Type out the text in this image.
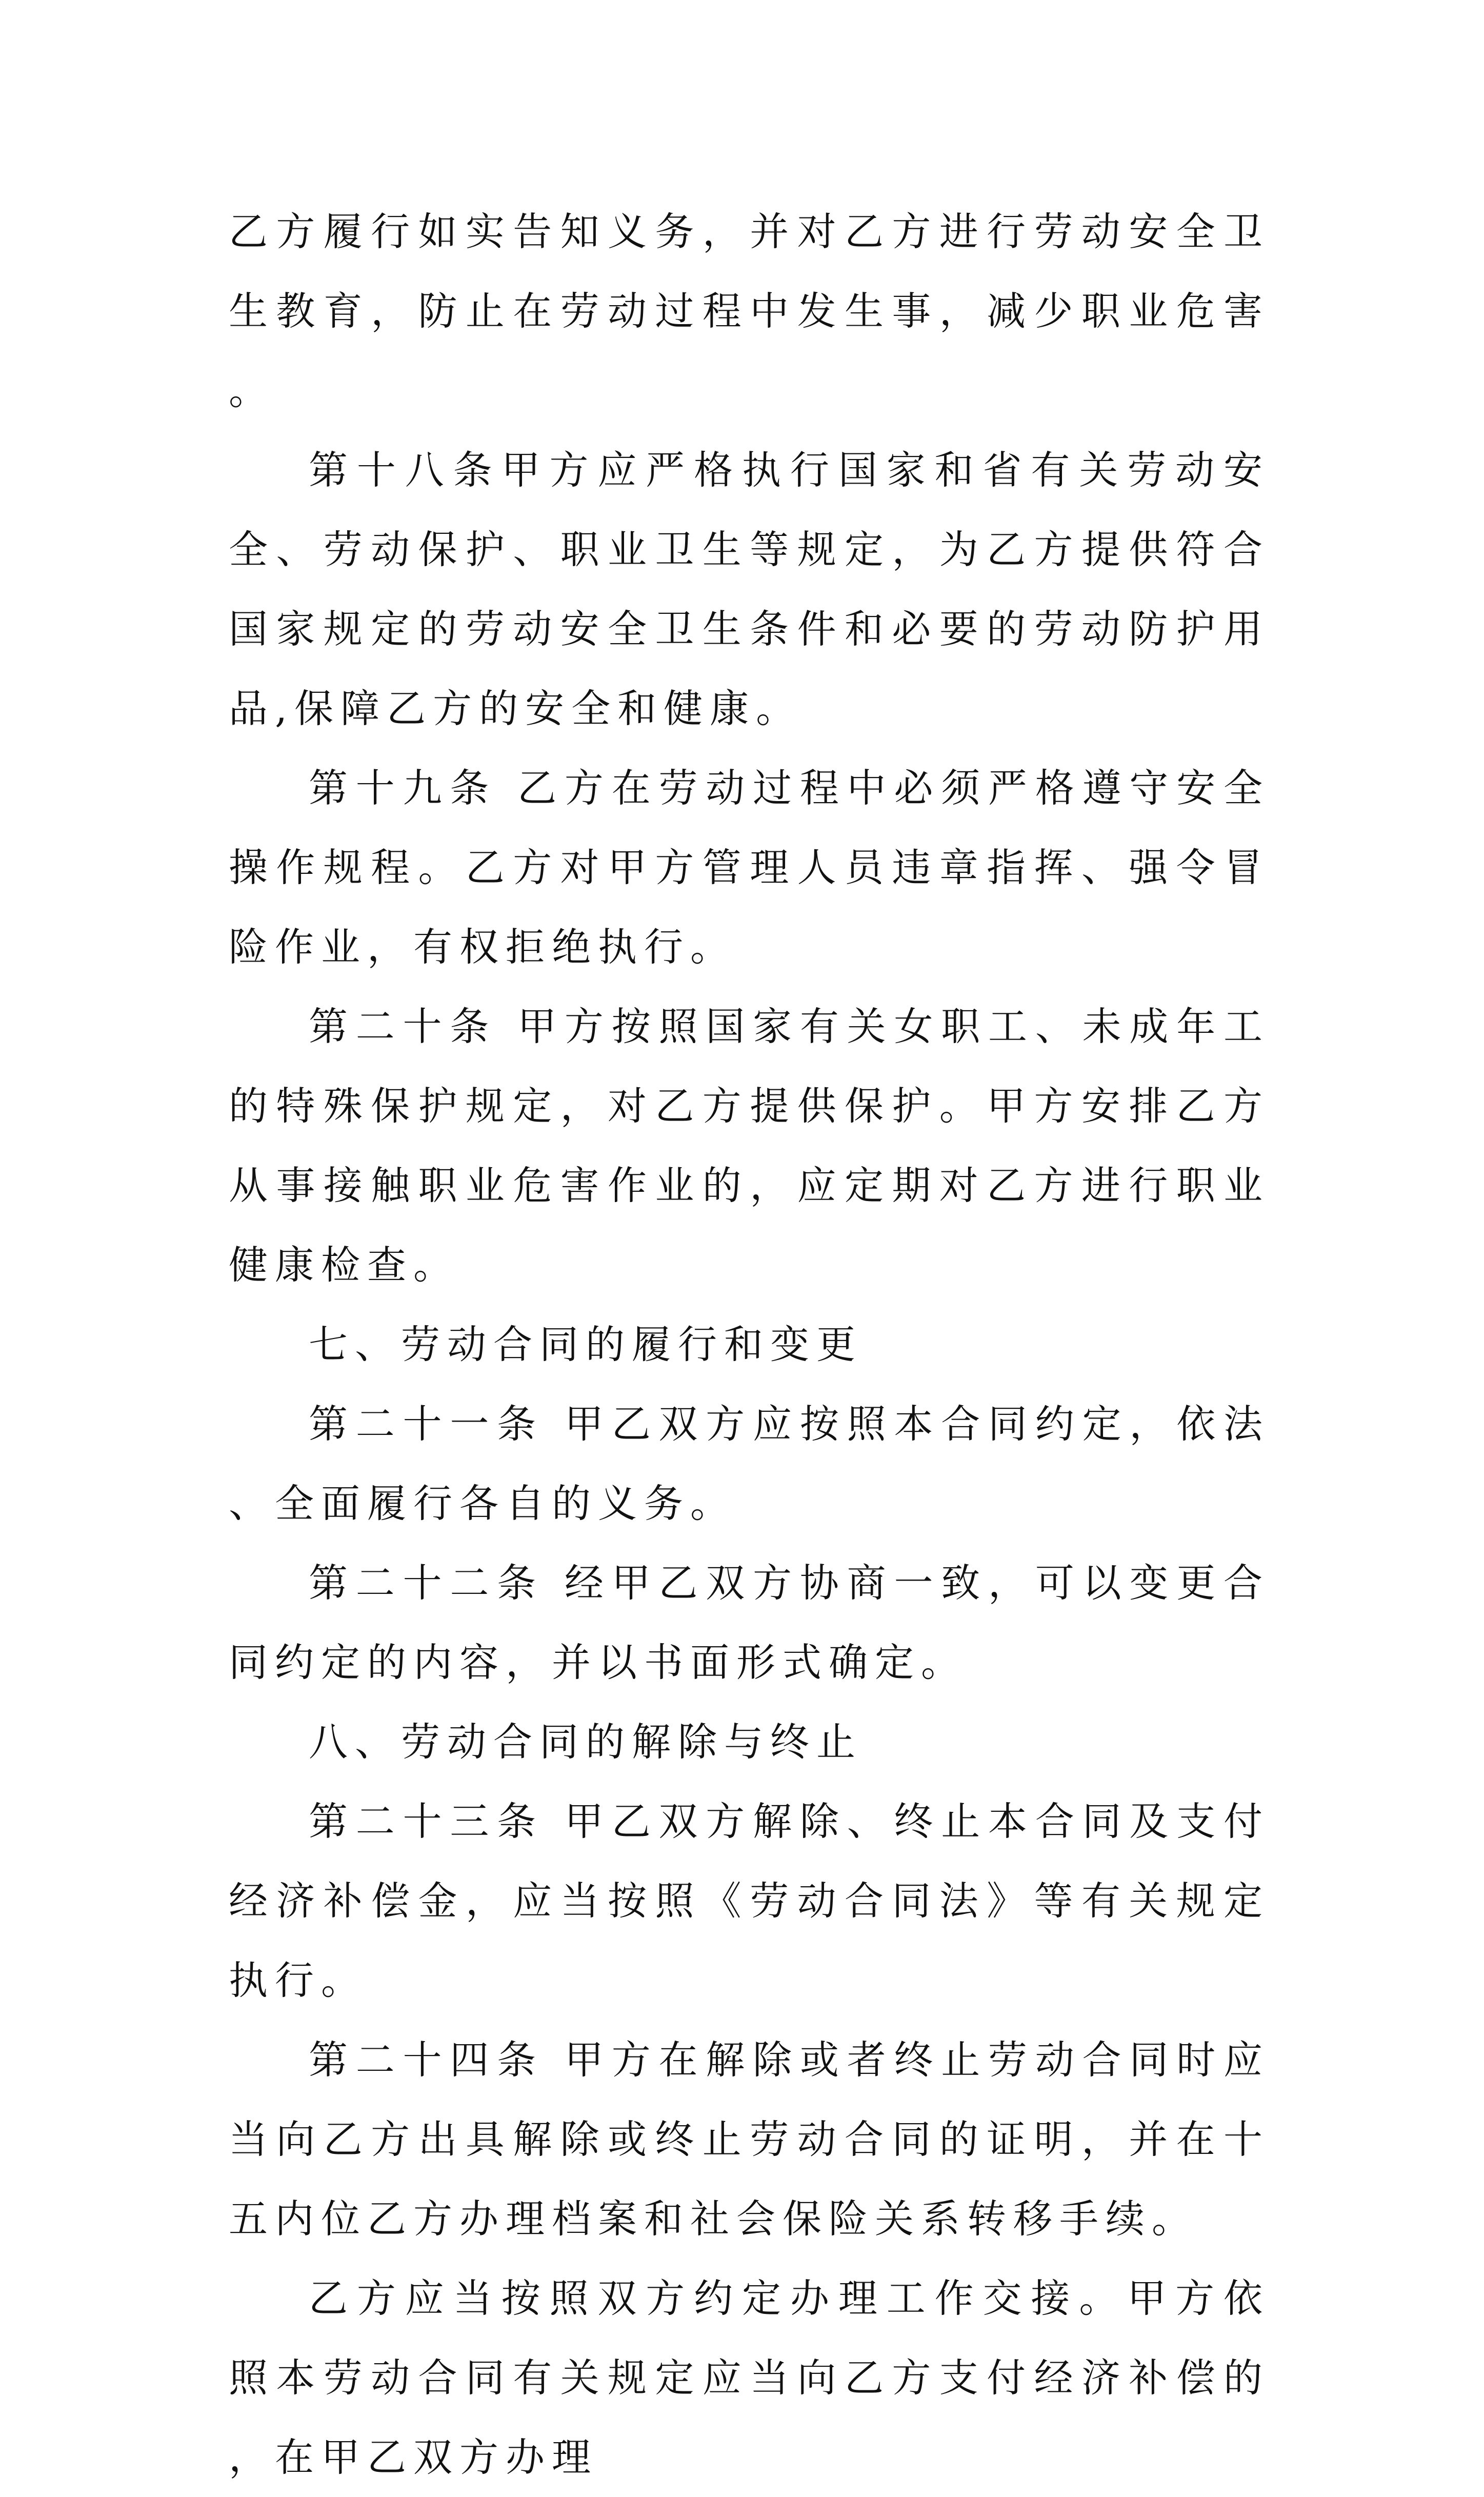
乙方履行如实告知义务，并对乙方进行劳动安全卫生教育，防止在劳动过程中发生事，减少职业危害。

第十八条甲方应严格执行国家和省有关劳动安全、劳动保护、职业卫生等规定，为乙方提供符合国家规定的劳动安全卫生条件和必要的劳动防护用品,保障乙方的安全和健康。

第十九条 乙方在劳动过程中必须严格遵守安全操作规程。乙方对甲方管理人员违章指挥、强令冒险作业，有权拒绝执行。

第二十条 甲方按照国家有关女职工、未成年工的特殊保护规定，对乙方提供保护。甲方安排乙方从事接触职业危害作业的，应定期对乙方进行职业健康检查。

七、劳动合同的履行和变更

第二十一条 甲乙双方应按照本合同约定，依法、全面履行各自的义务。

第二十二条 经甲乙双方协商一致，可以变更合同约定的内容，并以书面形式确定。

八、劳动合同的解除与终止

第二十三条 甲乙双方解除、终止本合同及支付经济补偿金，应当按照《劳动合同法》等有关规定执行。

第二十四条 甲方在解除或者终止劳动合同时应当向乙方出具解除或终止劳动合同的证明，并在十五内位乙方办理档案和社会保险关系转移手续。

乙方应当按照双方约定办理工作交接。甲方依照本劳动合同有关规定应当向乙方支付经济补偿的，在甲乙双方办理
